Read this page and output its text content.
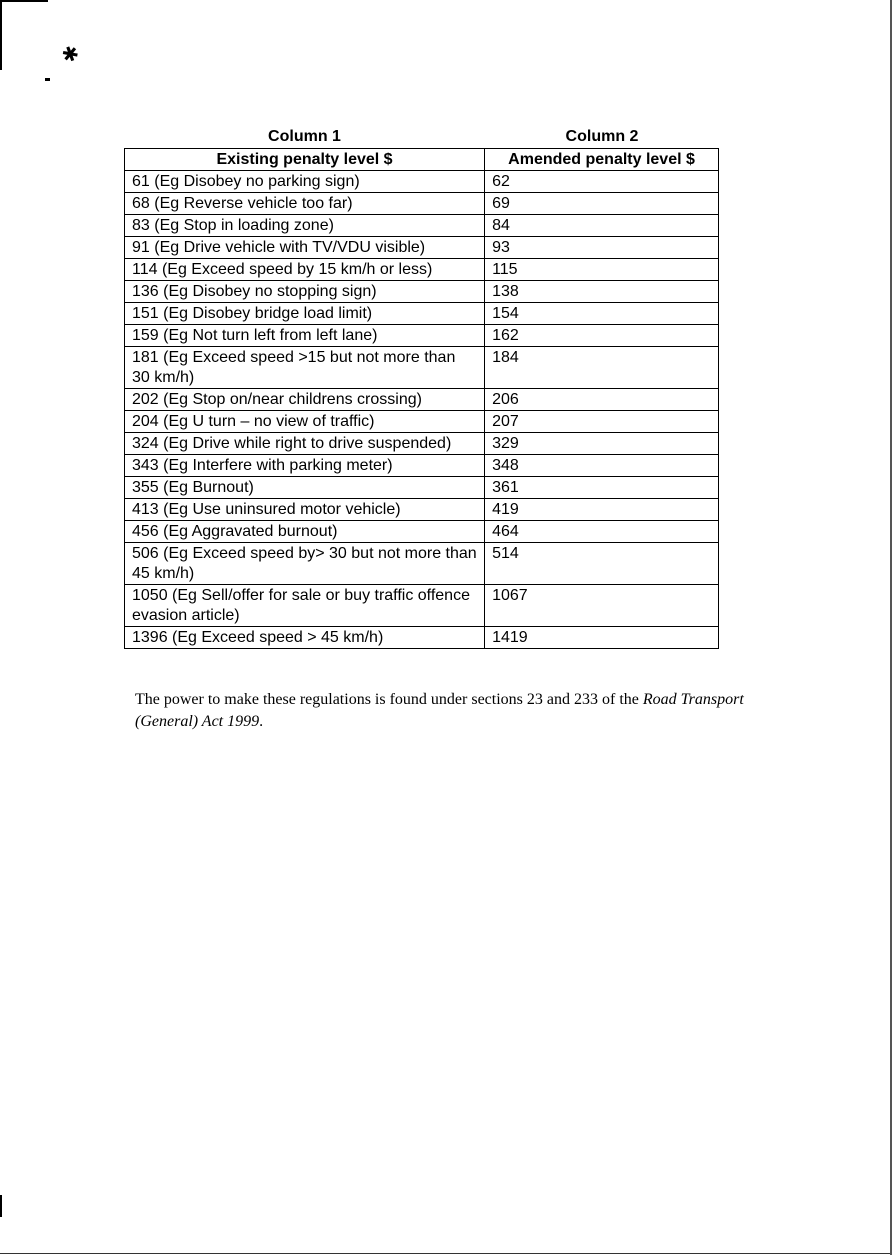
✱
Column 1	Column 2
Existing penalty level $	Amended penalty level $
61 (Eg Disobey no parking sign)	62
68 (Eg Reverse vehicle too far)	69
83 (Eg Stop in loading zone)	84
91 (Eg Drive vehicle with TV/VDU visible)	93
114 (Eg Exceed speed by 15 km/h or less)	115
136 (Eg Disobey no stopping sign)	138
151 (Eg Disobey bridge load limit)	154
159 (Eg Not turn left from left lane)	162
181 (Eg Exceed speed >15 but not more than 30 km/h)	184
202 (Eg Stop on/near childrens crossing)	206
204 (Eg U turn – no view of traffic)	207
324 (Eg Drive while right to drive suspended)	329
343 (Eg Interfere with parking meter)	348
355 (Eg Burnout)	361
413 (Eg Use uninsured motor vehicle)	419
456 (Eg Aggravated burnout)	464
506 (Eg Exceed speed by> 30 but not more than 45 km/h)	514
1050 (Eg Sell/offer for sale or buy traffic offence evasion article)	1067
1396 (Eg Exceed speed > 45 km/h)	1419
The power to make these regulations is found under sections 23 and 233 of the Road Transport (General) Act 1999.
